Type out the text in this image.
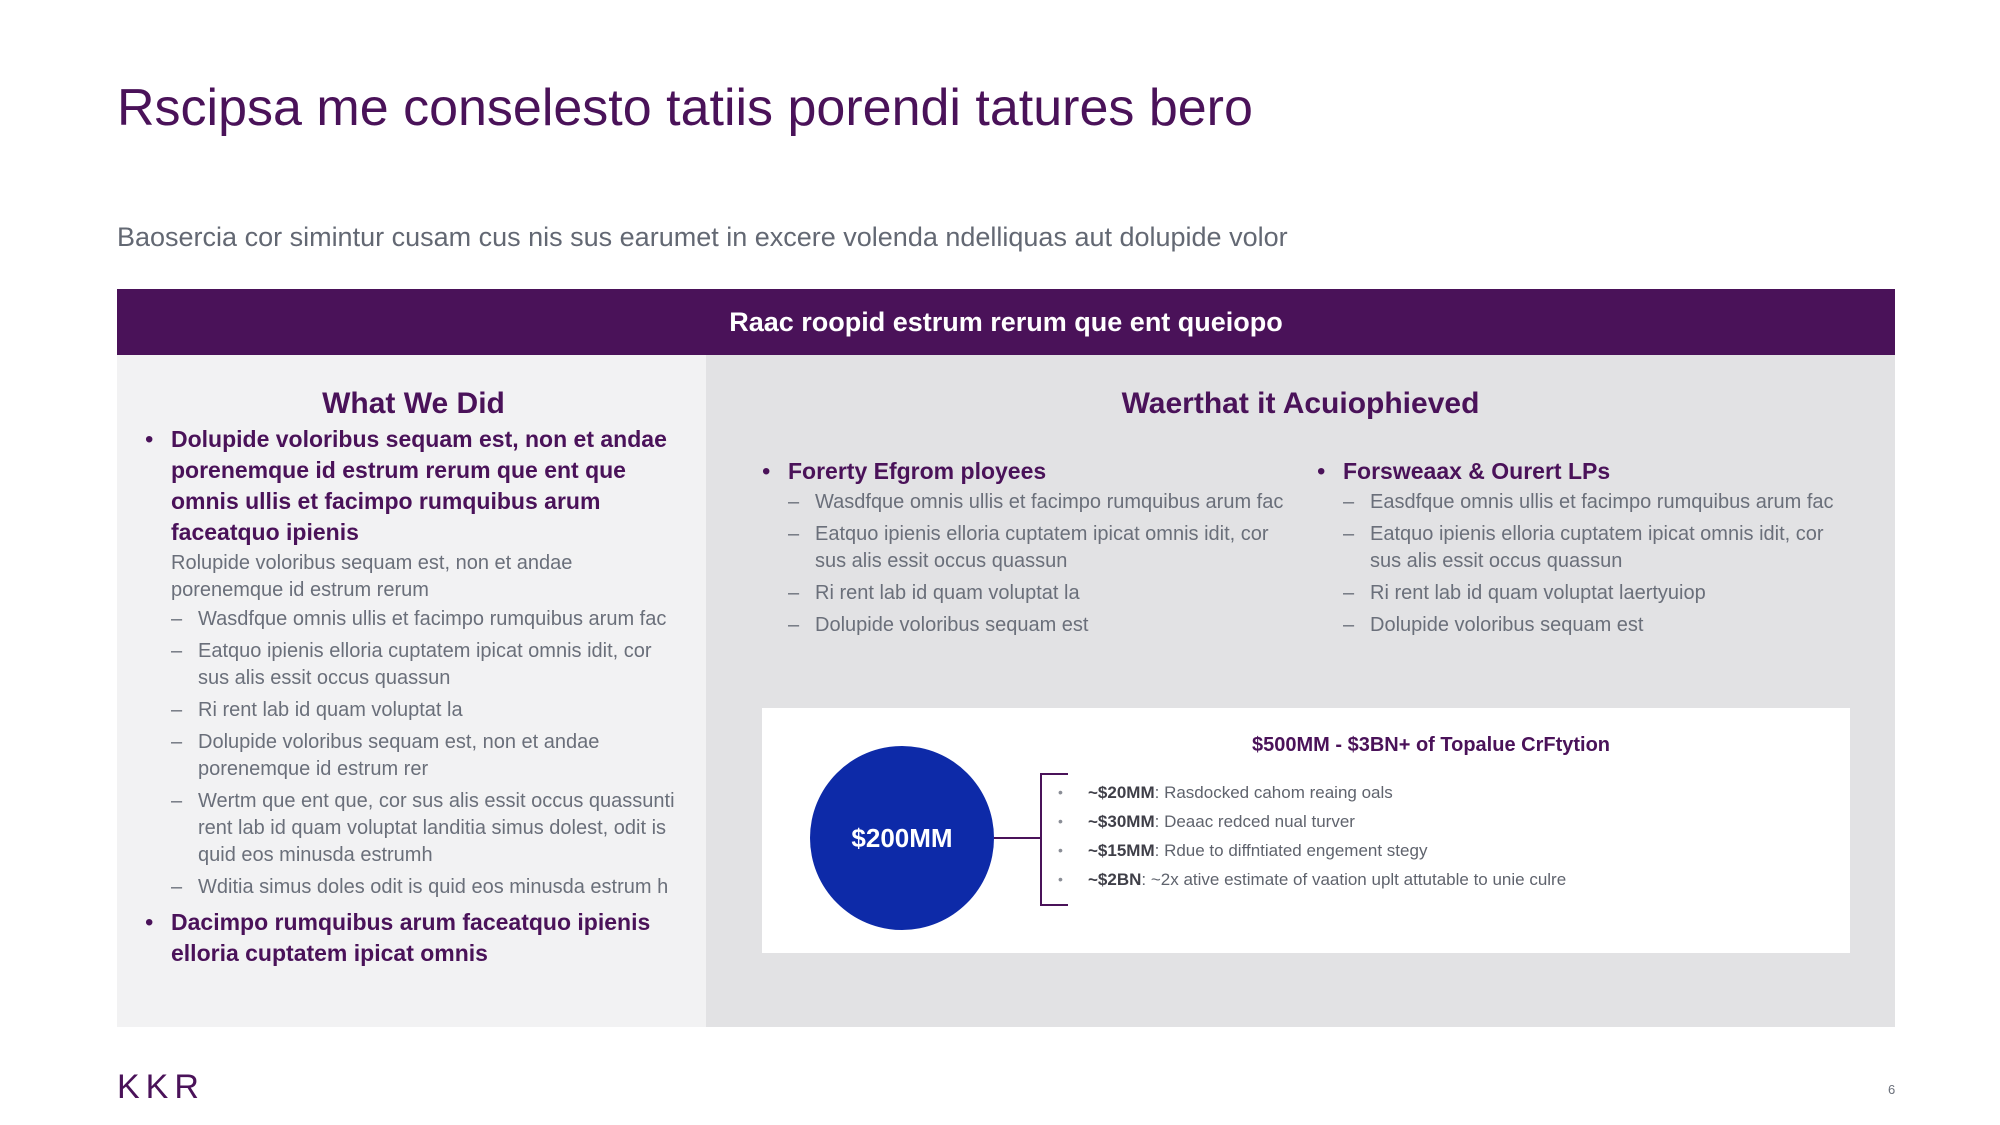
Rscipsa me conselesto tatiis porendi tatures bero

Baosercia cor simintur cusam cus nis sus earumet in excere volenda ndelliquas aut dolupide volor

Raac roopid estrum rerum que ent queiopo
What We Did
• Dolupide voloribus sequam est, non et andae porenemque id estrum rerum que ent que omnis ullis et facimpo rumquibus arum faceatquo ipienis
Rolupide voloribus sequam est, non et andae porenemque id estrum rerum
– Wasdfque omnis ullis et facimpo rumquibus arum fac
– Eatquo ipienis elloria cuptatem ipicat omnis idit, cor sus alis essit occus quassun
– Ri rent lab id quam voluptat la
– Dolupide voloribus sequam est, non et andae porenemque id estrum rer
– Wertm que ent que, cor sus alis essit occus quassunti rent lab id quam voluptat landitia simus dolest, odit is quid eos minusda estrumh
– Wditia simus doles odit is quid eos minusda estrum h
• Dacimpo rumquibus arum faceatquo ipienis elloria cuptatem ipicat omnis
Waerthat it Acuiophieved
• Forerty Efgrom ployees
– Wasdfque omnis ullis et facimpo rumquibus arum fac
– Eatquo ipienis elloria cuptatem ipicat omnis idit, cor sus alis essit occus quassun
– Ri rent lab id quam voluptat la
– Dolupide voloribus sequam est
• Forsweaax & Ourert LPs
– Easdfque omnis ullis et facimpo rumquibus arum fac
– Eatquo ipienis elloria cuptatem ipicat omnis idit, cor sus alis essit occus quassun
– Ri rent lab id quam voluptat laertyuiop
– Dolupide voloribus sequam est
$500MM - $3BN+ of Topalue CrFtytion
$200MM
• ~$20MM: Rasdocked cahom reaing oals
• ~$30MM: Deaac redced nual turver
• ~$15MM: Rdue to diffntiated engement stegy
• ~$2BN: ~2x ative estimate of vaation uplt attutable to unie culre
KKR	6
